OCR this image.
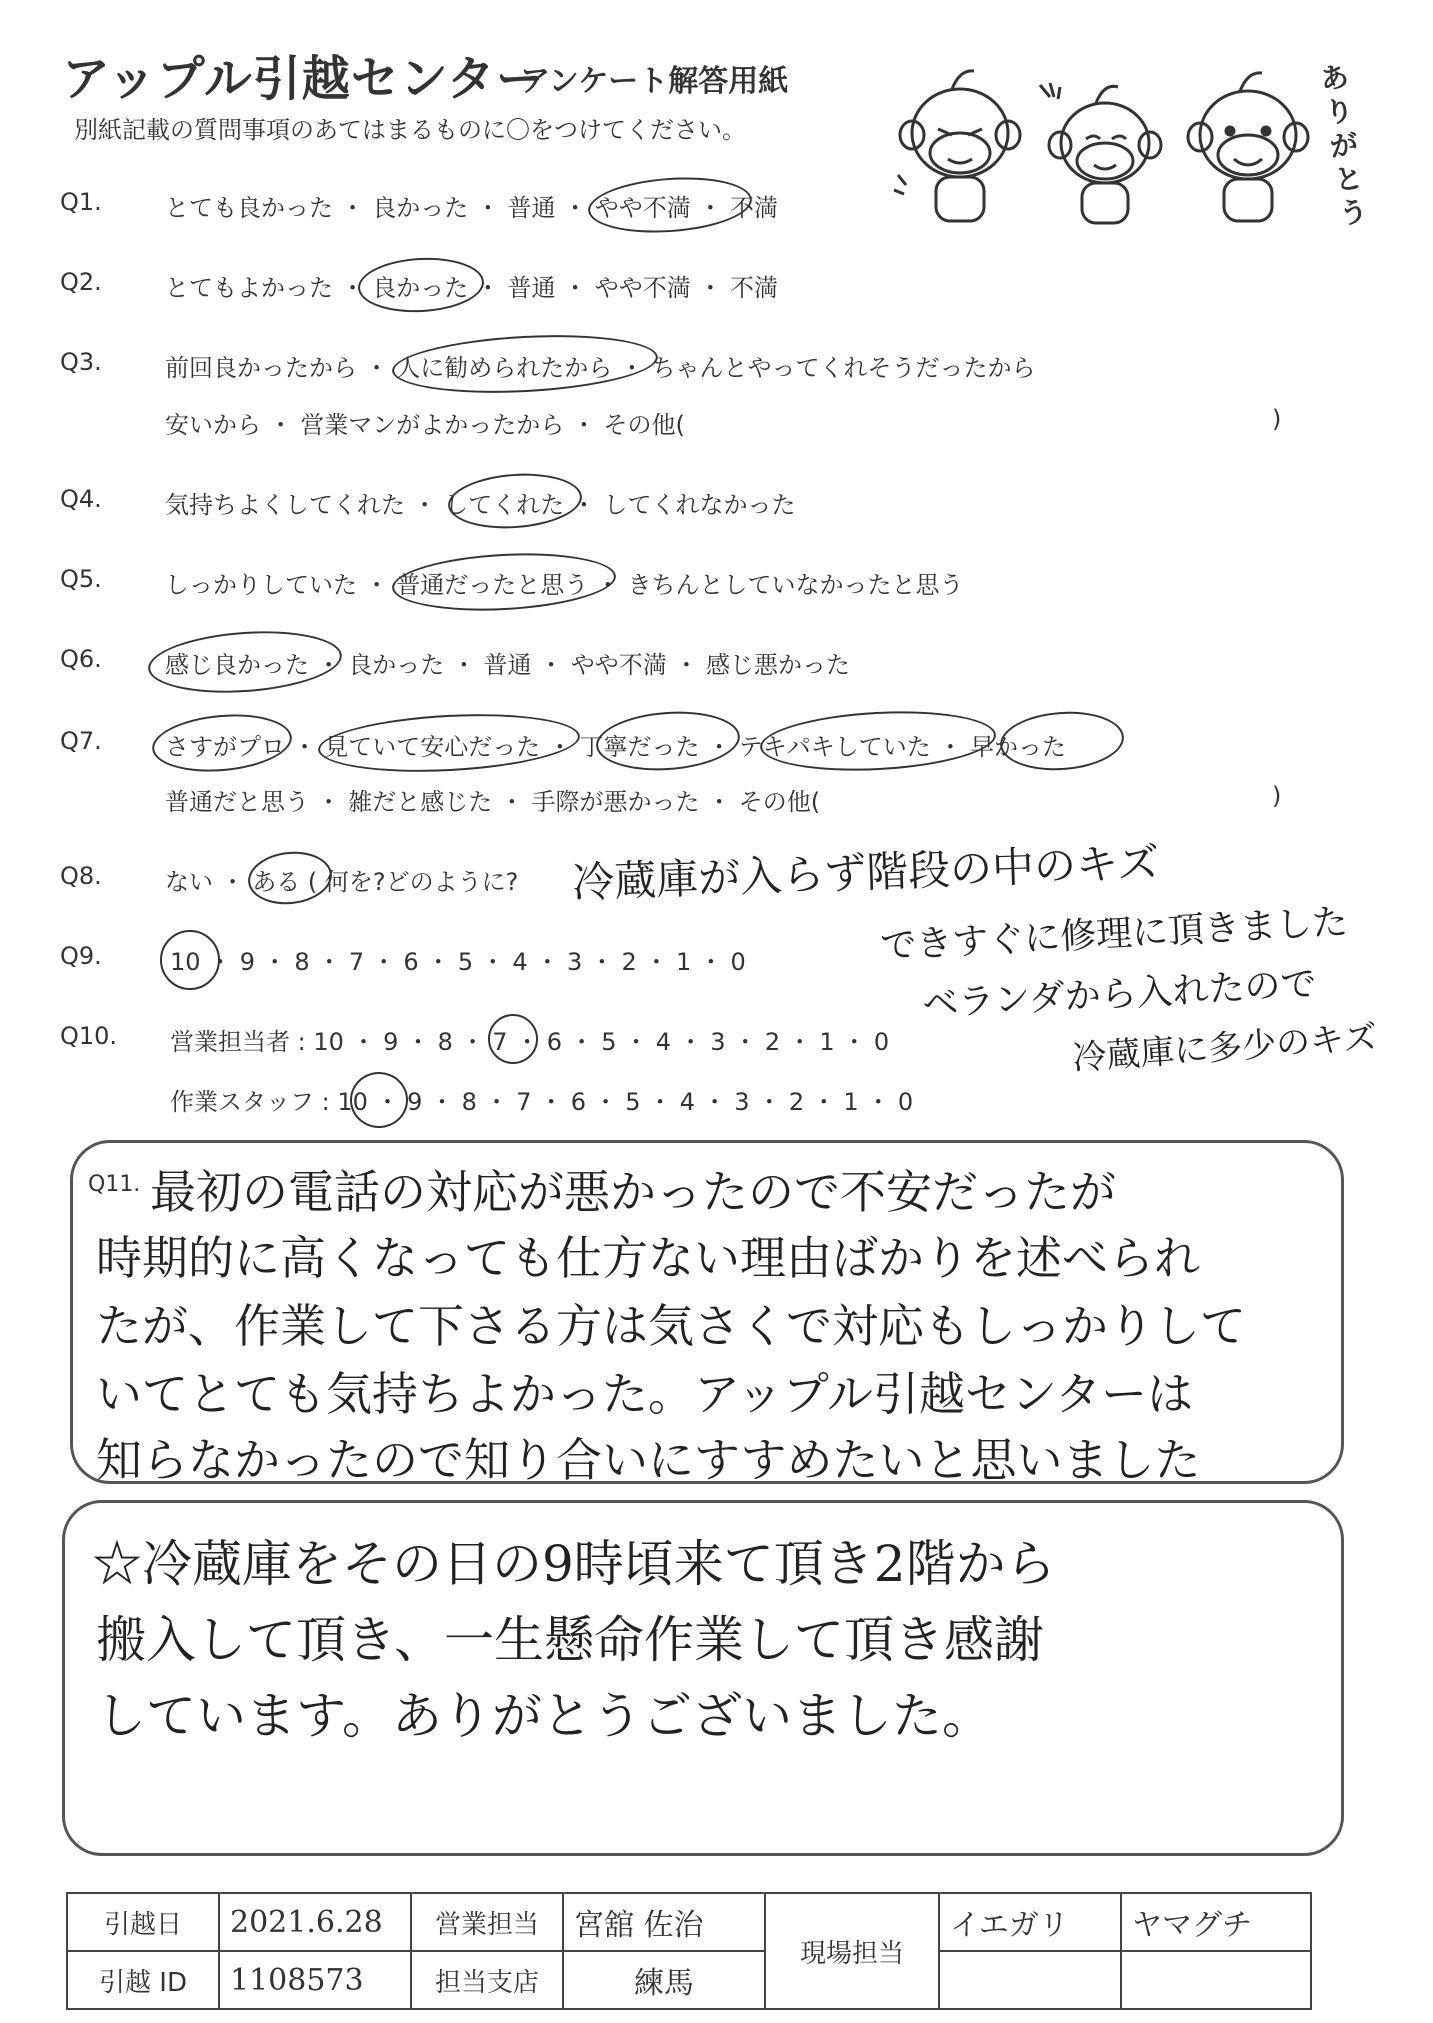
アップル引越センター
アンケート解答用紙
別紙記載の質問事項のあてはまるものに〇をつけてください。
ありがとう
Q1.	とても良かった ・ 良かった ・ 普通 ・ やや不満 ・ 不満
Q2.	とてもよかった ・ 良かった ・ 普通 ・ やや不満 ・ 不満
Q3.	前回良かったから ・ 人に勧められたから ・ ちゃんとやってくれそうだったから
安いから ・ 営業マンがよかったから ・ その他(	)
Q4.	気持ちよくしてくれた ・ してくれた ・ してくれなかった
Q5.	しっかりしていた ・ 普通だったと思う ・ きちんとしていなかったと思う
Q6.	感じ良かった ・ 良かった ・ 普通 ・ やや不満 ・ 感じ悪かった
Q7.	さすがプロ ・ 見ていて安心だった ・ 丁寧だった ・ テキパキしていた ・ 早かった
普通だと思う ・ 雑だと感じた ・ 手際が悪かった ・ その他(	)
Q8.	ない ・ ある ( 何を?どのように?
Q9.	10 ・ 9 ・ 8 ・ 7 ・ 6 ・ 5 ・ 4 ・ 3 ・ 2 ・ 1 ・ 0
Q10. 営業担当者 : 10 ・ 9 ・ 8 ・ 7 ・ 6 ・ 5 ・ 4 ・ 3 ・ 2 ・ 1 ・ 0
作業スタッフ : 10 ・ 9 ・ 8 ・ 7 ・ 6 ・ 5 ・ 4 ・ 3 ・ 2 ・ 1 ・ 0
冷蔵庫が入らず階段の中のキズ
できすぐに修理に頂きました
ベランダから入れたので
冷蔵庫に多少のキズ
Q11. 最初の電話の対応が悪かったので不安だったが
時期的に高くなっても仕方ない理由ばかりを述べられ
たが、作業して下さる方は気さくで対応もしっかりして
いてとても気持ちよかった。アップル引越センターは
知らなかったので知り合いにすすめたいと思いました
☆冷蔵庫をその日の9時頃来て頂き2階から
搬入して頂き、一生懸命作業して頂き感謝
しています。ありがとうございました。
引越日	2021.6.28	営業担当	宮舘 佐治	現場担当	イエガリ	ヤマグチ
引越 ID	1108573	担当支店	練馬			
